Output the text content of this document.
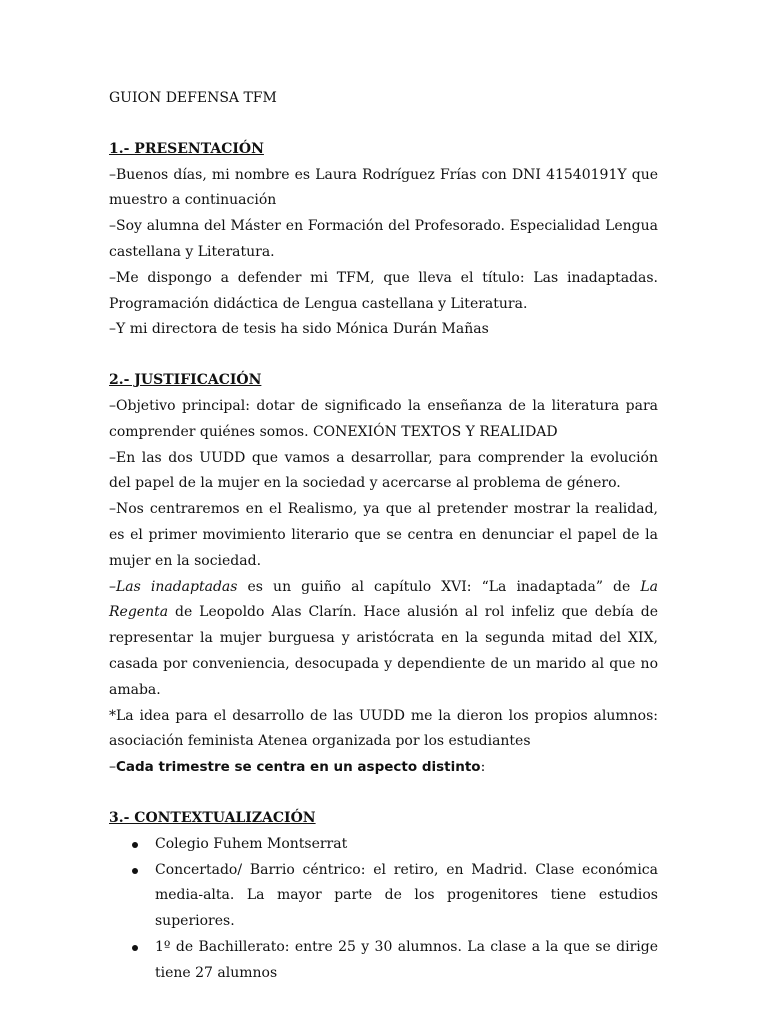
GUION DEFENSA TFM

1.- PRESENTACIÓN

–Buenos días, mi nombre es Laura Rodríguez Frías con DNI 41540191Y que muestro a continuación

–Soy alumna del Máster en Formación del Profesorado. Especialidad Lengua castellana y Literatura.

–Me dispongo a defender mi TFM, que lleva el título: Las inadaptadas. Programación didáctica de Lengua castellana y Literatura.

–Y mi directora de tesis ha sido Mónica Durán Mañas

2.- JUSTIFICACIÓN

–Objetivo principal: dotar de significado la enseñanza de la literatura para comprender quiénes somos. CONEXIÓN TEXTOS Y REALIDAD

–En las dos UUDD que vamos a desarrollar, para comprender la evolución del papel de la mujer en la sociedad y acercarse al problema de género.

–Nos centraremos en el Realismo, ya que al pretender mostrar la realidad, es el primer movimiento literario que se centra en denunciar el papel de la mujer en la sociedad.

–Las inadaptadas es un guiño al capítulo XVI: “La inadaptada” de La Regenta de Leopoldo Alas Clarín. Hace alusión al rol infeliz que debía de representar la mujer burguesa y aristócrata en la segunda mitad del XIX, casada por conveniencia, desocupada y dependiente de un marido al que no amaba.

*La idea para el desarrollo de las UUDD me la dieron los propios alumnos: asociación feminista Atenea organizada por los estudiantes

–Cada trimestre se centra en un aspecto distinto:

3.- CONTEXTUALIZACIÓN

Colegio Fuhem Montserrat
Concertado/ Barrio céntrico: el retiro, en Madrid. Clase económica media-alta. La mayor parte de los progenitores tiene estudios superiores.
1º de Bachillerato: entre 25 y 30 alumnos. La clase a la que se dirige tiene 27 alumnos
